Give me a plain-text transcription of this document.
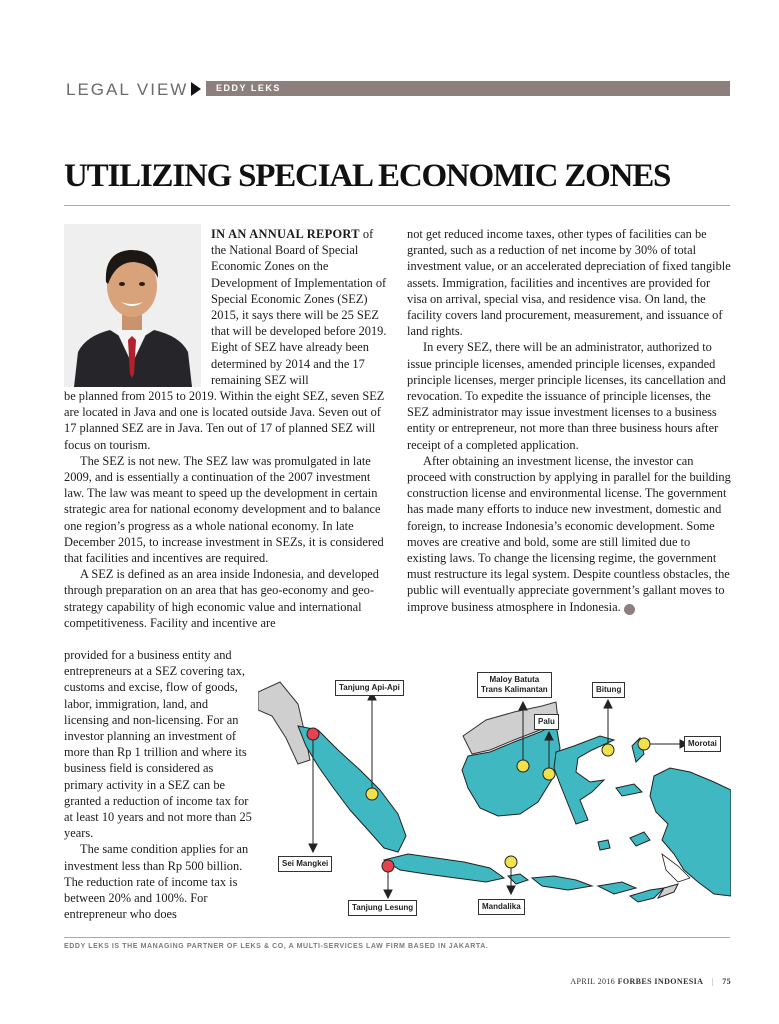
LEGAL VIEW	EDDY LEKS
UTILIZING SPECIAL ECONOMIC ZONES

IN AN ANNUAL REPORT of the National Board of Special Economic Zones on the Development of Implementation of Special Economic Zones (SEZ) 2015, it says there will be 25 SEZ that will be developed before 2019. Eight of SEZ have already been determined by 2014 and the 17 remaining SEZ will

be planned from 2015 to 2019. Within the eight SEZ, seven SEZ are located in Java and one is located outside Java. Seven out of 17 planned SEZ are in Java. Ten out of 17 of planned SEZ will focus on tourism.

The SEZ is not new. The SEZ law was promulgated in late 2009, and is essentially a continuation of the 2007 investment law. The law was meant to speed up the development in certain strategic area for national economy development and to balance one region’s progress as a whole national economy. In late December 2015, to increase investment in SEZs, it is considered that facilities and incentives are required.

A SEZ is defined as an area inside Indonesia, and developed through preparation on an area that has geo-economy and geo-strategy capability of high economic value and international competitiveness. Facility and incentive are

provided for a business entity and entrepreneurs at a SEZ covering tax, customs and excise, flow of goods, labor, immigration, land, and licensing and non-licensing. For an investor planning an investment of more than Rp 1 trillion and where its business field is considered as primary activity in a SEZ can be granted a reduction of income tax for at least 10 years and not more than 25 years.

The same condition applies for an investment less than Rp 500 billion. The reduction rate of income tax is between 20% and 100%. For entrepreneur who does

not get reduced income taxes, other types of facilities can be granted, such as a reduction of net income by 30% of total investment value, or an accelerated depreciation of fixed tangible assets. Immigration, facilities and incentives are provided for visa on arrival, special visa, and residence visa. On land, the facility covers land procurement, measurement, and issuance of land rights.

In every SEZ, there will be an administrator, authorized to issue principle licenses, amended principle licenses, expanded principle licenses, merger principle licenses, its cancellation and revocation. To expedite the issuance of principle licenses, the SEZ administrator may issue investment licenses to a business entity or entrepreneur, not more than three business hours after receipt of a completed application.

After obtaining an investment license, the investor can proceed with construction by applying in parallel for the building construction license and environmental license. The government has made many efforts to induce new investment, domestic and foreign, to increase Indonesia’s economic development. Some moves are creative and bold, some are still limited due to existing laws. To change the licensing regime, the government must restructure its legal system. Despite countless obstacles, the public will eventually appreciate government’s gallant moves to improve business atmosphere in Indonesia. F

Tanjung Api-Api
Maloy Batuta
Trans Kalimantan	Bitung
Palu
Morotai
Sei Mangkei
Tanjung Lesung	Mandalika
EDDY LEKS IS THE MANAGING PARTNER OF LEKS & CO, A MULTI-SERVICES LAW FIRM BASED IN JAKARTA.
APRIL 2016 FORBES INDONESIA | 75
